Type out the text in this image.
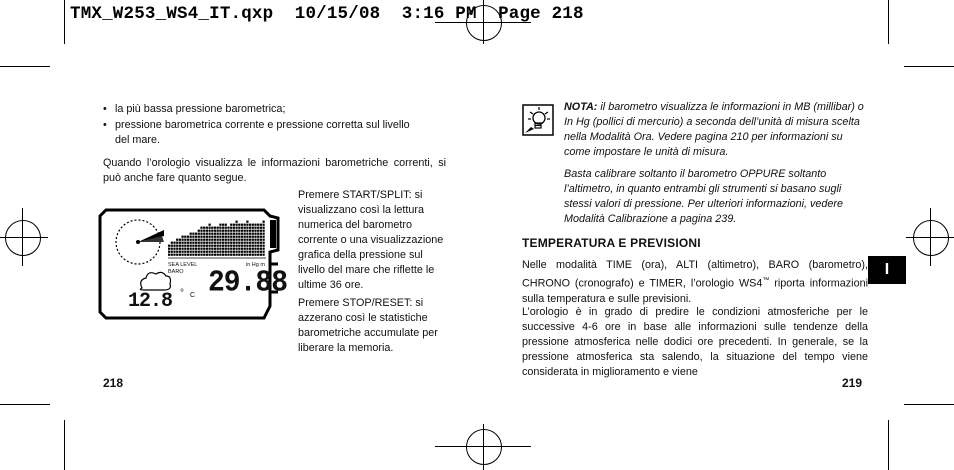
TMX_W253_WS4_IT.qxp  10/15/08  3:16 PM  Page 218
• la più bassa pressione barometrica;
• pressione barometrica corrente e pressione corretta sul livello del mare.
Quando l’orologio visualizza le informazioni barometriche correnti, si può anche fare quanto segue.
SEA LEVEL
BARO
in Hg m
29.88
12.8 ° C
Premere START/SPLIT: si visualizzano così la lettura numerica del barometro corrente o una visualizzazione grafica della pressione sul livello del mare che riflette le ultime 36 ore.
Premere STOP/RESET: si azzerano così le statistiche barometriche accumulate per liberare la memoria.
218
NOTA: il barometro visualizza le informazioni in MB (millibar) o In Hg (pollici di mercurio) a seconda dell’unità di misura scelta nella Modalità Ora. Vedere pagina 210 per informazioni su come impostare le unità di misura.
Basta calibrare soltanto il barometro OPPURE soltanto l’altimetro, in quanto entrambi gli strumenti si basano sugli stessi valori di pressione. Per ulteriori informazioni, vedere Modalità Calibrazione a pagina 239.
TEMPERATURA E PREVISIONI
Nelle modalità TIME (ora), ALTI (altimetro), BARO (barometro), CHRONO (cronografo) e TIMER, l’orologio WS4™ riporta informazioni sulla temperatura e sulle previsioni.
L’orologio è in grado di predire le condizioni atmosferiche per le successive 4-6 ore in base alle informazioni sulle tendenze della pressione atmosferica nelle dodici ore precedenti. In generale, se la pressione atmosferica sta salendo, la situazione del tempo viene considerata in miglioramento e viene
219
I
